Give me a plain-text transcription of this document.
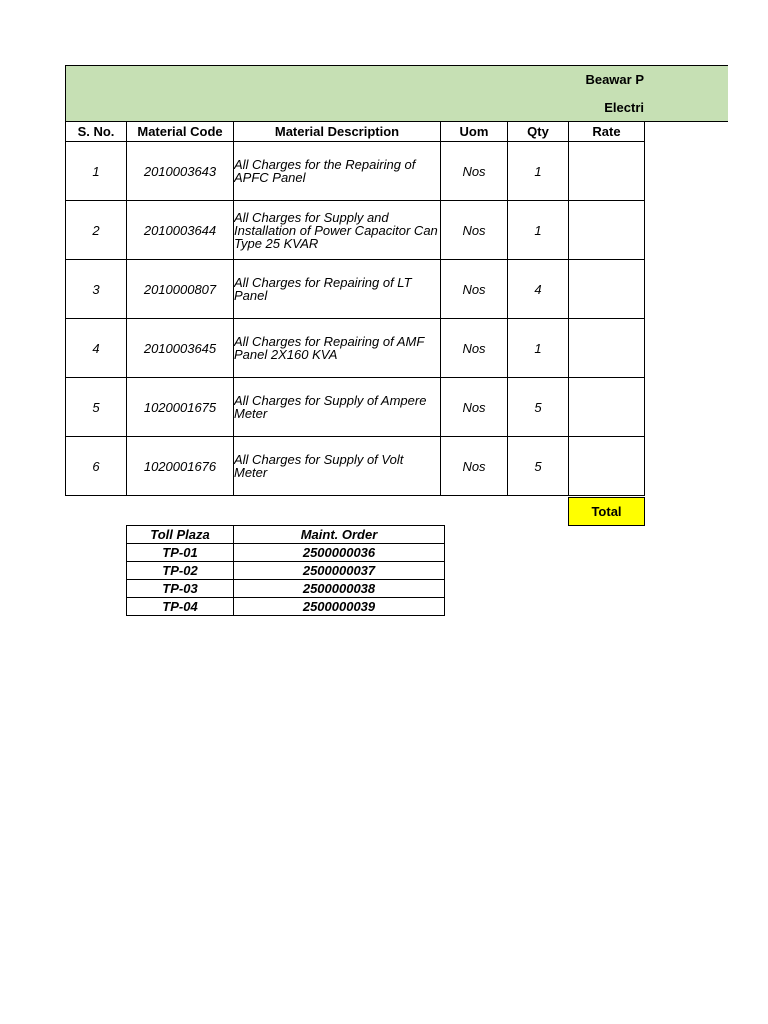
Beawar P
Electri
S. No.	Material Code	Material Description	Uom	Qty	Rate
1	2010003643	All Charges for the Repairing of APFC Panel	Nos	1	
2	2010003644	All Charges for Supply and Installation of Power Capacitor Can Type 25 KVAR	Nos	1	
3	2010000807	All Charges for Repairing of LT Panel	Nos	4	
4	2010003645	All Charges for Repairing of AMF Panel 2X160 KVA	Nos	1	
5	1020001675	All Charges for Supply of Ampere Meter	Nos	5	
6	1020001676	All Charges for Supply of Volt Meter	Nos	5	
Total
Toll Plaza	Maint. Order
TP-01	2500000036
TP-02	2500000037
TP-03	2500000038
TP-04	2500000039
